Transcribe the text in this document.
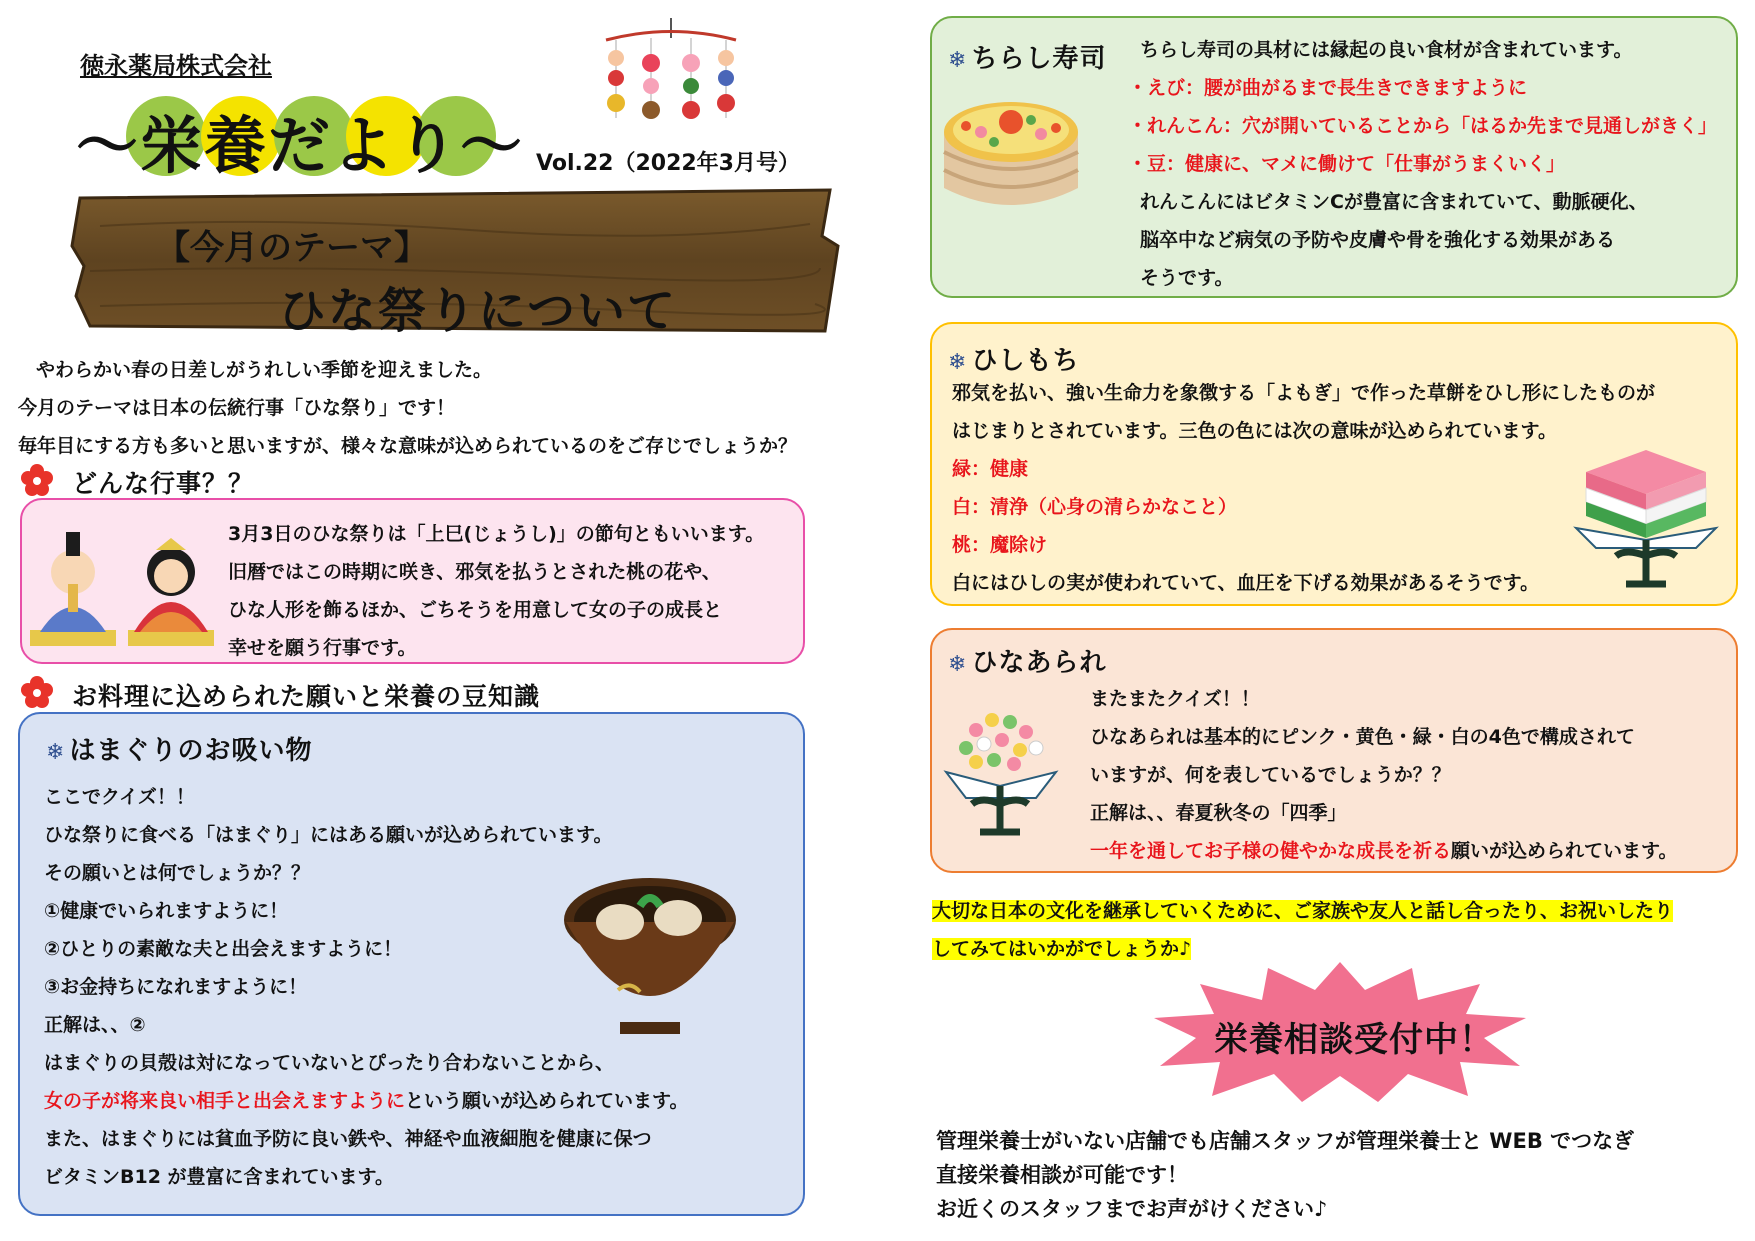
徳永薬局株式会社
～栄養だより～ Vol.22（2022年3月号）
【今月のテーマ】
ひな祭りについて
やわらかい春の日差しがうれしい季節を迎えました。
今月のテーマは日本の伝統行事「ひな祭り」です！
毎年目にする方も多いと思いますが、様々な意味が込められているのをご存じでしょうか？
どんな行事？？
3月3日のひな祭りは「上巳(じょうし)」の節句ともいいます。
旧暦ではこの時期に咲き、邪気を払うとされた桃の花や、
ひな人形を飾るほか、ごちそうを用意して女の子の成長と
幸せを願う行事です。
お料理に込められた願いと栄養の豆知識
❄ はまぐりのお吸い物
ここでクイズ！！
ひな祭りに食べる「はまぐり」にはある願いが込められています。
その願いとは何でしょうか？？
①健康でいられますように！
②ひとりの素敵な夫と出会えますように！
③お金持ちになれますように！
正解は、、②
はまぐりの貝殻は対になっていないとぴったり合わないことから、
女の子が将来良い相手と出会えますようにという願いが込められています。
また、はまぐりには貧血予防に良い鉄や、神経や血液細胞を健康に保つ
ビタミンB12 が豊富に含まれています。
❄ ちらし寿司 ちらし寿司の具材には縁起の良い食材が含まれています。
・えび：腰が曲がるまで長生きできますように
・れんこん：穴が開いていることから「はるか先まで見通しがきく」
・豆：健康に、マメに働けて「仕事がうまくいく」
れんこんにはビタミンCが豊富に含まれていて、動脈硬化、
脳卒中など病気の予防や皮膚や骨を強化する効果がある
そうです。
❄ ひしもち
邪気を払い、強い生命力を象徴する「よもぎ」で作った草餅をひし形にしたものが
はじまりとされています。三色の色には次の意味が込められています。
緑：健康
白：清浄（心身の清らかなこと）
桃：魔除け
白にはひしの実が使われていて、血圧を下げる効果があるそうです。
❄ ひなあられ
またまたクイズ！！
ひなあられは基本的にピンク・黄色・緑・白の4色で構成されて
いますが、何を表しているでしょうか？？
正解は、、春夏秋冬の「四季」
一年を通してお子様の健やかな成長を祈る願いが込められています。
大切な日本の文化を継承していくために、ご家族や友人と話し合ったり、お祝いしたり
してみてはいかがでしょうか♪
栄養相談受付中！
管理栄養士がいない店舗でも店舗スタッフが管理栄養士と WEB でつなぎ
直接栄養相談が可能です！
お近くのスタッフまでお声がけください♪
